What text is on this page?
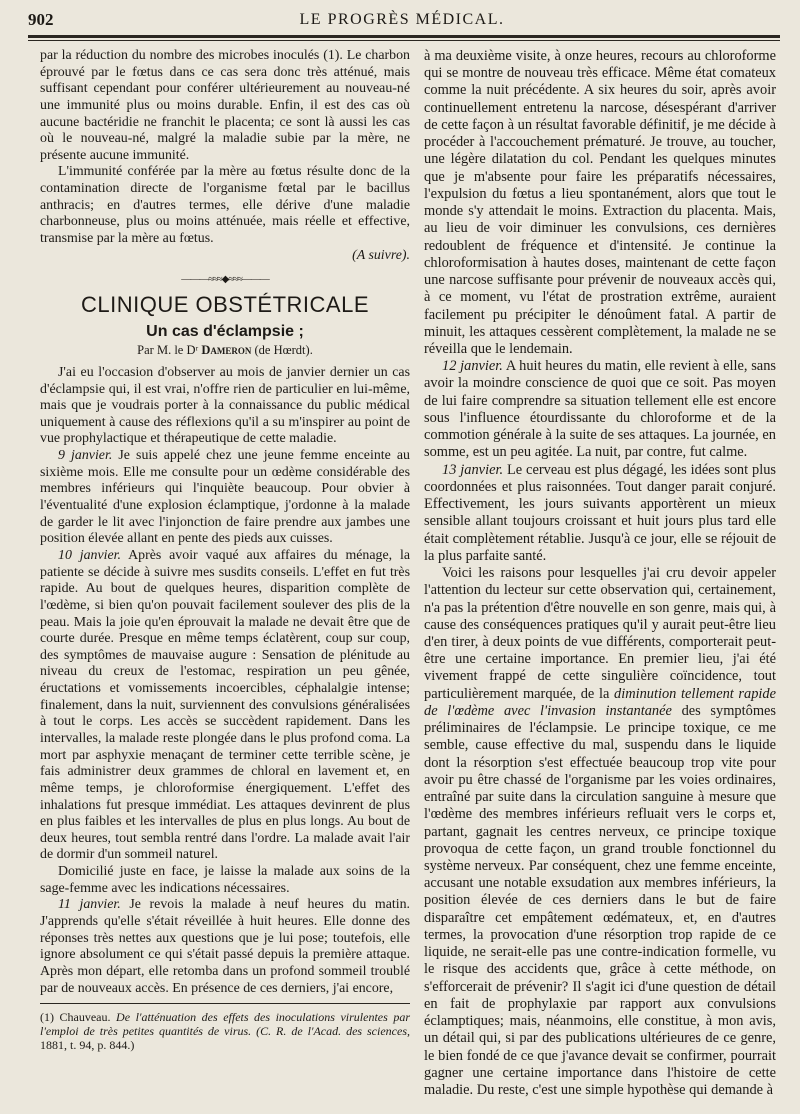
902	LE PROGRÈS MÉDICAL.

par la réduction du nombre des microbes inoculés (1). Le charbon éprouvé par le fœtus dans ce cas sera donc très atténué, mais suffisant cependant pour conférer ultérieurement au nouveau-né une immunité plus ou moins durable. Enfin, il est des cas où aucune bactéridie ne franchit le placenta; ce sont là aussi les cas où le nouveau-né, malgré la maladie subie par la mère, ne présente aucune immunité.

L'immunité conférée par la mère au fœtus résulte donc de la contamination directe de l'organisme fœtal par le bacillus anthracis; en d'autres termes, elle dérive d'une maladie charbonneuse, plus ou moins atténuée, mais réelle et effective, transmise par la mère au fœtus.

(A suivre).
———≈≈≈◆≈≈≈———
CLINIQUE OBSTÉTRICALE
Un cas d'éclampsie ;
Par M. le Dʳ Dameron (de Hœrdt).

J'ai eu l'occasion d'observer au mois de janvier dernier un cas d'éclampsie qui, il est vrai, n'offre rien de particulier en lui-même, mais que je voudrais porter à la connaissance du public médical uniquement à cause des réflexions qu'il a su m'inspirer au point de vue prophylactique et thérapeutique de cette maladie.

9 janvier. Je suis appelé chez une jeune femme enceinte au sixième mois. Elle me consulte pour un œdème considérable des membres inférieurs qui l'inquiète beaucoup. Pour obvier à l'éventualité d'une explosion éclamptique, j'ordonne à la malade de garder le lit avec l'injonction de faire prendre aux jambes une position élevée allant en pente des pieds aux cuisses.

10 janvier. Après avoir vaqué aux affaires du ménage, la patiente se décide à suivre mes susdits conseils. L'effet en fut très rapide. Au bout de quelques heures, disparition complète de l'œdème, si bien qu'on pouvait facilement soulever des plis de la peau. Mais la joie qu'en éprouvait la malade ne devait être que de courte durée. Presque en même temps éclatèrent, coup sur coup, des symptômes de mauvaise augure : Sensation de plénitude au niveau du creux de l'estomac, respiration un peu gênée, éructations et vomissements incoercibles, céphalalgie intense; finalement, dans la nuit, surviennent des convulsions généralisées à tout le corps. Les accès se succèdent rapidement. Dans les intervalles, la malade reste plongée dans le plus profond coma. La mort par asphyxie menaçant de terminer cette terrible scène, je fais administrer deux grammes de chloral en lavement et, en même temps, je chloroformise énergiquement. L'effet des inhalations fut presque immédiat. Les attaques devinrent de plus en plus faibles et les intervalles de plus en plus longs. Au bout de deux heures, tout sembla rentré dans l'ordre. La malade avait l'air de dormir d'un sommeil naturel.

Domicilié juste en face, je laisse la malade aux soins de la sage-femme avec les indications nécessaires.

11 janvier. Je revois la malade à neuf heures du matin. J'apprends qu'elle s'était réveillée à huit heures. Elle donne des réponses très nettes aux questions que je lui pose; toutefois, elle ignore absolument ce qui s'était passé depuis la première attaque. Après mon départ, elle retomba dans un profond sommeil troublé par de nouveaux accès. En présence de ces derniers, j'ai encore,

(1) Chauveau. De l'atténuation des effets des inoculations virulentes par l'emploi de très petites quantités de virus. (C. R. de l'Acad. des sciences, 1881, t. 94, p. 844.)

à ma deuxième visite, à onze heures, recours au chloroforme qui se montre de nouveau très efficace. Même état comateux comme la nuit précédente. A six heures du soir, après avoir continuellement entretenu la narcose, désespérant d'arriver de cette façon à un résultat favorable définitif, je me décide à procéder à l'accouchement prématuré. Je trouve, au toucher, une légère dilatation du col. Pendant les quelques minutes que je m'absente pour faire les préparatifs nécessaires, l'expulsion du fœtus a lieu spontanément, alors que tout le monde s'y attendait le moins. Extraction du placenta. Mais, au lieu de voir diminuer les convulsions, ces dernières redoublent de fréquence et d'intensité. Je continue la chloroformisation à hautes doses, maintenant de cette façon une narcose suffisante pour prévenir de nouveaux accès qui, à ce moment, vu l'état de prostration extrême, auraient facilement pu précipiter le dénoûment fatal. A partir de minuit, les attaques cessèrent complètement, la malade ne se réveilla que le lendemain.

12 janvier. A huit heures du matin, elle revient à elle, sans avoir la moindre conscience de quoi que ce soit. Pas moyen de lui faire comprendre sa situation tellement elle est encore sous l'influence étourdissante du chloroforme et de la commotion générale à la suite de ses attaques. La journée, en somme, est un peu agitée. La nuit, par contre, fut calme.

13 janvier. Le cerveau est plus dégagé, les idées sont plus coordonnées et plus raisonnées. Tout danger parait conjuré. Effectivement, les jours suivants apportèrent un mieux sensible allant toujours croissant et huit jours plus tard elle était complètement rétablie. Jusqu'à ce jour, elle se réjouit de la plus parfaite santé.

Voici les raisons pour lesquelles j'ai cru devoir appeler l'attention du lecteur sur cette observation qui, certainement, n'a pas la prétention d'être nouvelle en son genre, mais qui, à cause des conséquences pratiques qu'il y aurait peut-être lieu d'en tirer, à deux points de vue différents, comporterait peut-être une certaine importance. En premier lieu, j'ai été vivement frappé de cette singulière coïncidence, tout particulièrement marquée, de la diminution tellement rapide de l'œdème avec l'invasion instantanée des symptômes préliminaires de l'éclampsie. Le principe toxique, ce me semble, cause effective du mal, suspendu dans le liquide dont la résorption s'est effectuée beaucoup trop vite pour avoir pu être chassé de l'organisme par les voies ordinaires, entraîné par suite dans la circulation sanguine à mesure que l'œdème des membres inférieurs refluait vers le corps et, partant, gagnait les centres nerveux, ce principe toxique provoqua de cette façon, un grand trouble fonctionnel du système nerveux. Par conséquent, chez une femme enceinte, accusant une notable exsudation aux membres inférieurs, la position élevée de ces derniers dans le but de faire disparaître cet empâtement œdémateux, et, en d'autres termes, la provocation d'une résorption trop rapide de ce liquide, ne serait-elle pas une contre-indication formelle, vu le risque des accidents que, grâce à cette méthode, on s'efforcerait de prévenir? Il s'agit ici d'une question de détail en fait de prophylaxie par rapport aux convulsions éclamptiques; mais, néanmoins, elle constitue, à mon avis, un détail qui, si par des publications ultérieures de ce genre, le bien fondé de ce que j'avance devait se confirmer, pourrait gagner une certaine importance dans l'histoire de cette maladie. Du reste, c'est une simple hypothèse qui demande à
